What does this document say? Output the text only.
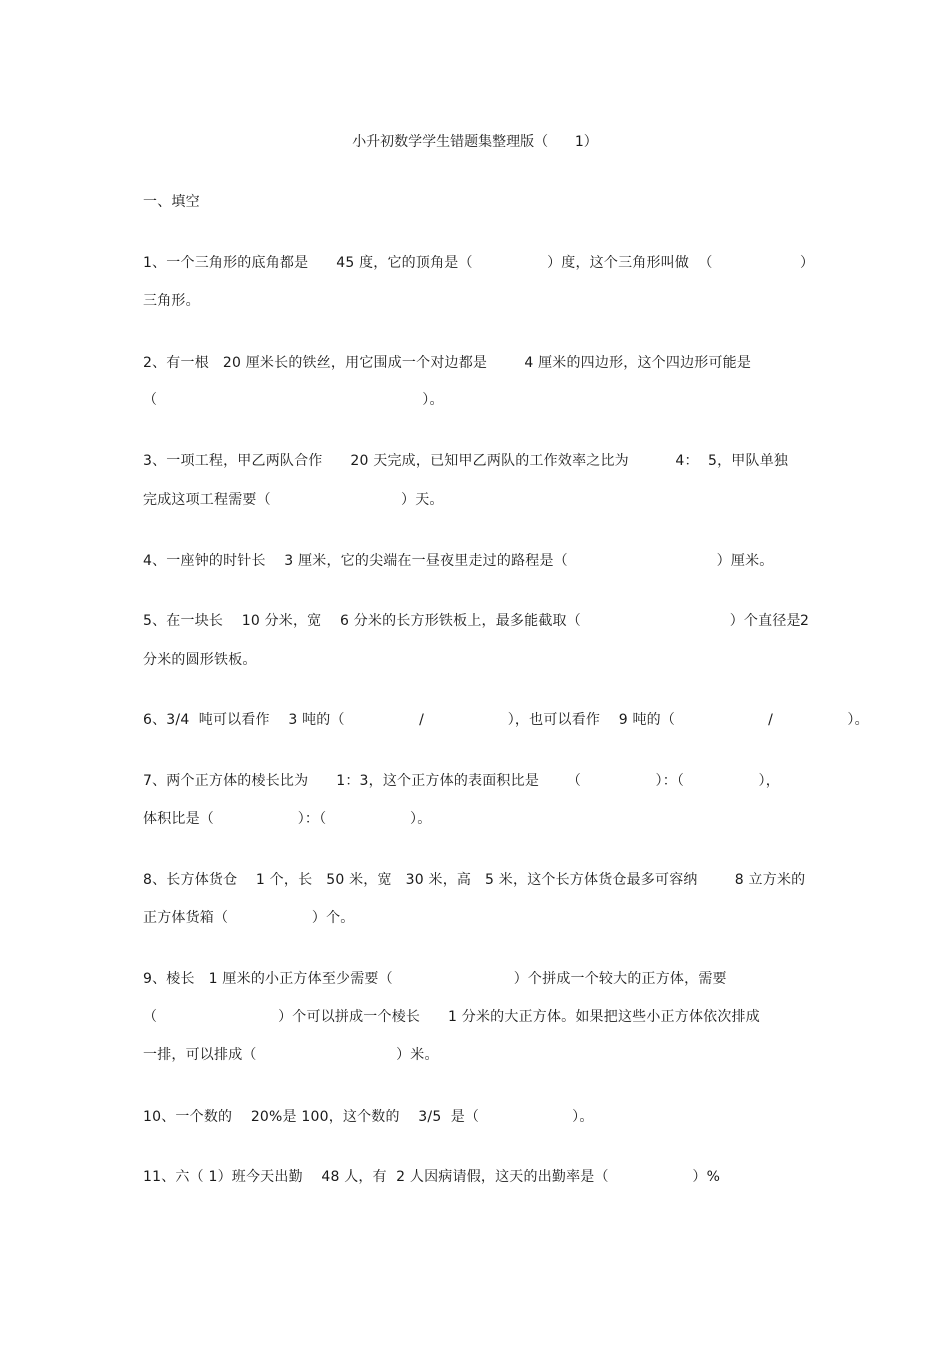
小升初数学学生错题集整理版（      1）
一、填空
1、一个三角形的底角都是      45 度，它的顶角是（                ）度，这个三角形叫做  （	）
三角形。
2、有一根   20 厘米长的铁丝，用它围成一个对边都是        4 厘米的四边形，这个四边形可能是
（                                                         ）。
3、一项工程，甲乙两队合作      20 天完成，已知甲乙两队的工作效率之比为          4：  5，甲队单独
完成这项工程需要（                            ）天。
4、一座钟的时针长    3 厘米，它的尖端在一昼夜里走过的路程是（                                ）厘米。
5、在一块长    10 分米，宽    6 分米的长方形铁板上，最多能截取（                                ）个直径是 2
分米的圆形铁板。
6、3/4  吨可以看作    3 吨的（                /                  ），也可以看作    9 吨的（                    /                ）。
7、两个正方体的棱长比为      1：3，这个正方体的表面积比是      （                ）：（                ），
体积比是（                  ）：（                  ）。
8、长方体货仓    1 个，长   50 米，宽   30 米，高   5 米，这个长方体货仓最多可容纳        8 立方米的
正方体货箱（                  ）个。
9、棱长   1 厘米的小正方体至少需要（                          ）个拼成一个较大的正方体，需要
（                          ）个可以拼成一个棱长      1 分米的大正方体。如果把这些小正方体依次排成
一排，可以排成（                              ）米。
10、一个数的    20%是 100，这个数的    3/5  是（                    ）。
11、六（ 1）班今天出勤    48 人，有  2 人因病请假，这天的出勤率是（                  ）%
